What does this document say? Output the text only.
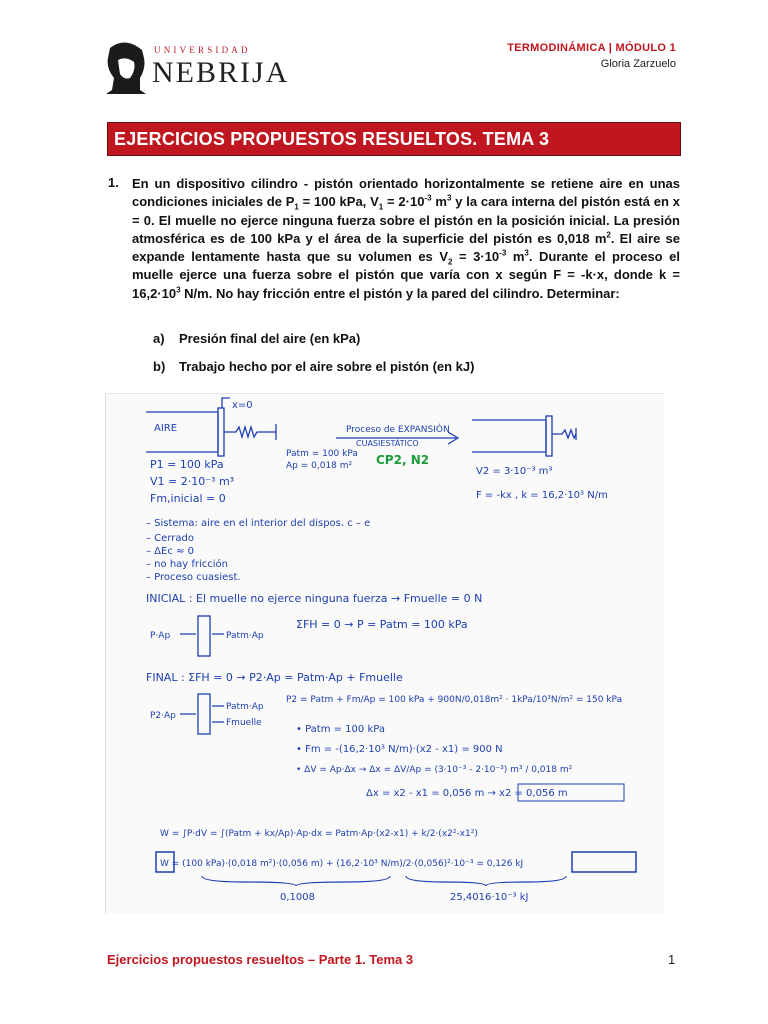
UNIVERSIDAD
NEBRIJA
TERMODINÁMICA | MÓDULO 1
Gloria Zarzuelo
EJERCICIOS PROPUESTOS RESUELTOS. TEMA 3
1. En un dispositivo cilindro - pistón orientado horizontalmente se retiene aire en unas condiciones iniciales de $P_1 = 100$ kPa, $V_1 = 2\cdot 10^{-3}$ $m^3$ y la cara interna del pistón está en x = 0. El muelle no ejerce ninguna fuerza sobre el pistón en la posición inicial. La presión atmosférica es de 100 kPa y el área de la superficie del pistón es 0,018 $m^2$. El aire se expande lentamente hasta que su volumen es $V_2 = 3\cdot 10^{-3}$ $m^3$. Durante el proceso el muelle ejerce una fuerza sobre el pistón que varía con x según F = -k·x, donde $k = 16,2\cdot 10^3$ N/m. No hay fricción entre el pistón y la pared del cilindro. Determinar:
a) Presión final del aire (en kPa)
b) Trabajo hecho por el aire sobre el pistón (en kJ)
x=0
AIRE	Proceso de EXPANSIÓN
CUASIESTÁTICO
Patm = 100 kPa
Ap = 0,018 m² CP2, N2
V2 = 3·10⁻³ m³
F = -kx , k = 16,2·10³ N/m
P1 = 100 kPa
V1 = 2·10⁻³ m³
Fm,inicial = 0
– Sistema: aire en el interior del dispos. c – e
– Cerrado
– ΔEc ≈ 0
– no hay fricción
– Proceso cuasiest.
INICIAL : El muelle no ejerce ninguna fuerza → Fmuelle = 0 N
P·Ap	Patm·Ap
ΣFH = 0 → P = Patm = 100 kPa
FINAL : ΣFH = 0 → P2·Ap = Patm·Ap + Fmuelle
P2 = Patm + Fm/Ap = 100 kPa + 900N/0,018m² · 1kPa/10³N/m² = 150 kPa
P2·Ap
Patm·Ap
Fmuelle
• Patm = 100 kPa
• Fm = -(16,2·10³ N/m)·(x2 - x1) = 900 N
• ΔV = Ap·Δx → Δx = ΔV/Ap = (3·10⁻³ - 2·10⁻³) m³ / 0,018 m²
Δx = x2 - x1 = 0,056 m → x2 = 0,056 m
W = ∫P·dV = ∫(Patm + kx/Ap)·Ap·dx = Patm·Ap·(x2-x1) + k/2·(x2²-x1²)
W = (100 kPa)·(0,018 m²)·(0,056 m) + (16,2·10³ N/m)/2·(0,056)²·10⁻³ = 0,126 kJ
0,1008	25,4016·10⁻³ kJ
Ejercicios propuestos resueltos – Parte 1. Tema 3	1
